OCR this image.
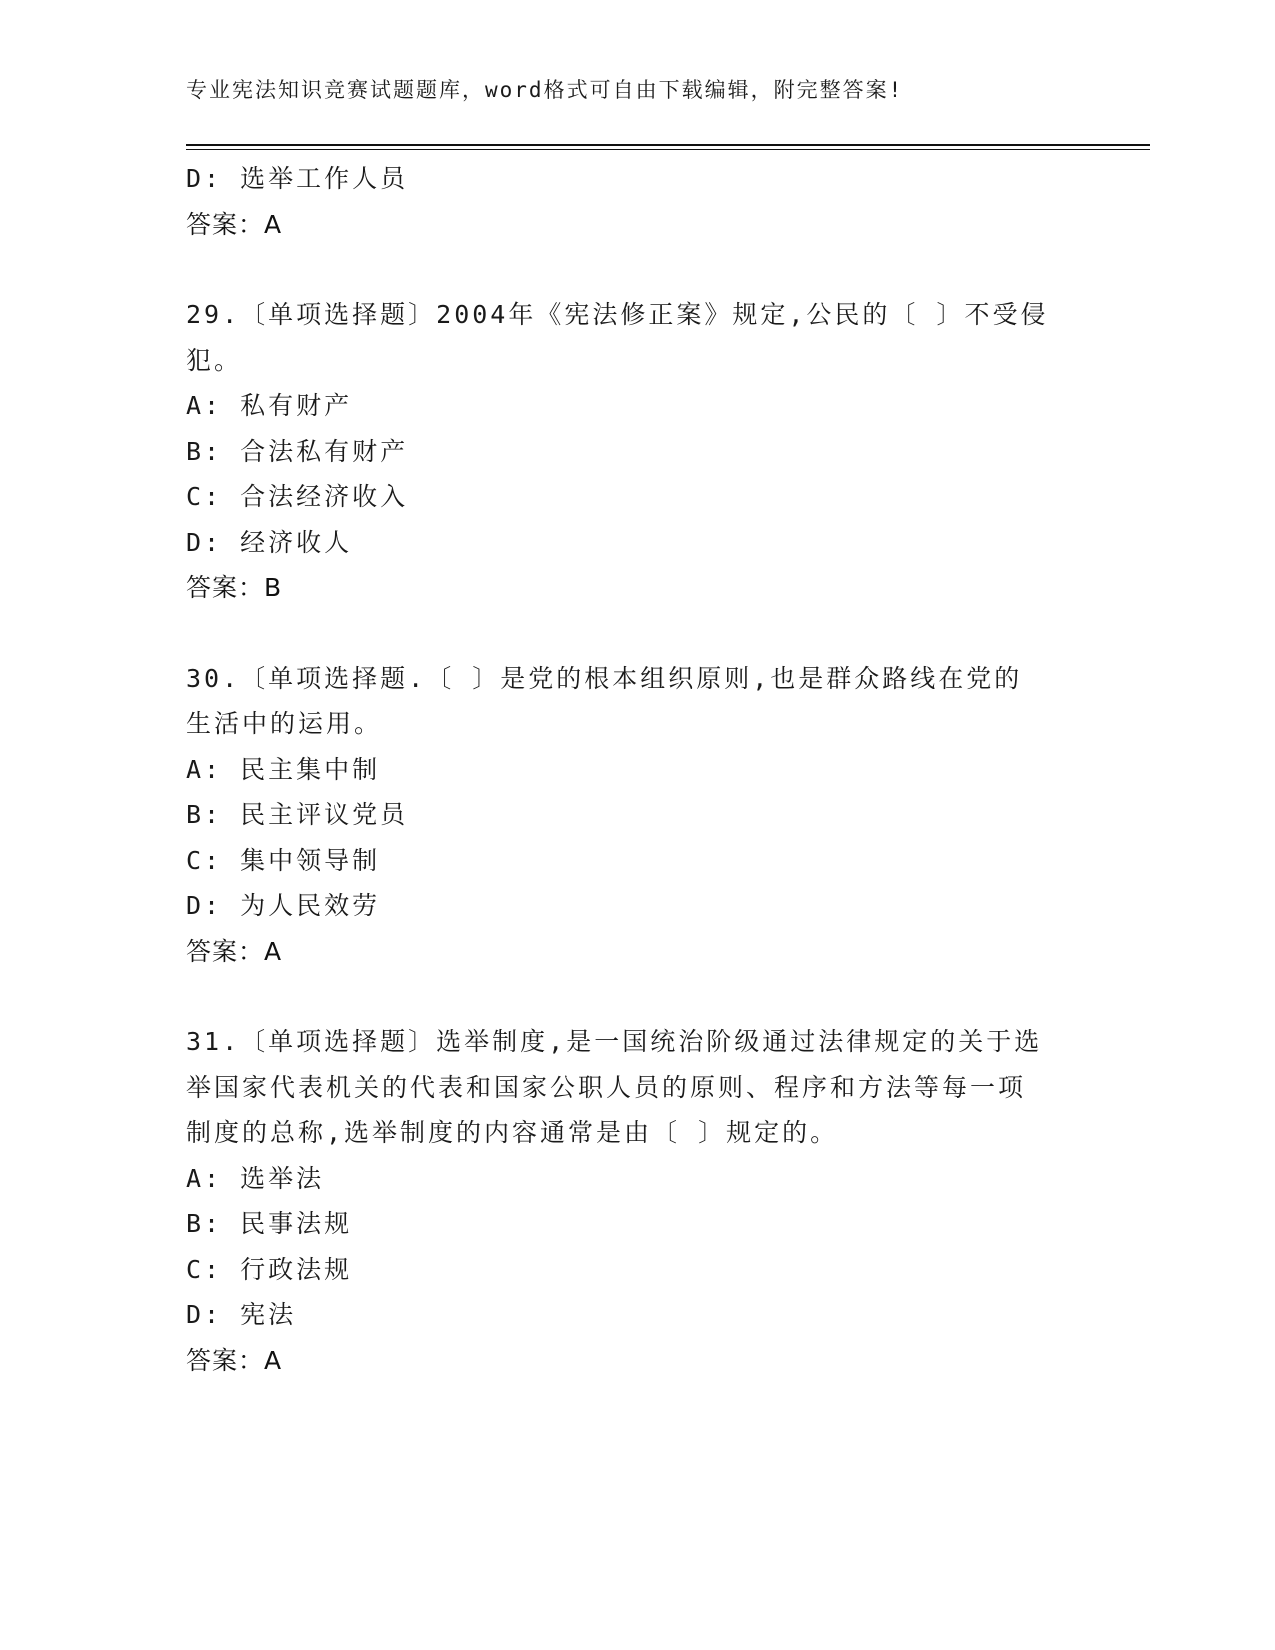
专业宪法知识竞赛试题题库，word格式可自由下载编辑，附完整答案!
D: 选举工作人员
答案：A
29.〔单项选择题〕2004年《宪法修正案》规定,公民的〔 〕不受侵
犯。
A: 私有财产
B: 合法私有财产
C: 合法经济收入
D: 经济收人
答案：B
30.〔单项选择题.〔 〕是党的根本组织原则,也是群众路线在党的
生活中的运用。
A: 民主集中制
B: 民主评议党员
C: 集中领导制
D: 为人民效劳
答案：A
31.〔单项选择题〕选举制度,是一国统治阶级通过法律规定的关于选
举国家代表机关的代表和国家公职人员的原则、程序和方法等每一项
制度的总称,选举制度的内容通常是由〔 〕规定的。
A: 选举法
B: 民事法规
C: 行政法规
D: 宪法
答案：A
